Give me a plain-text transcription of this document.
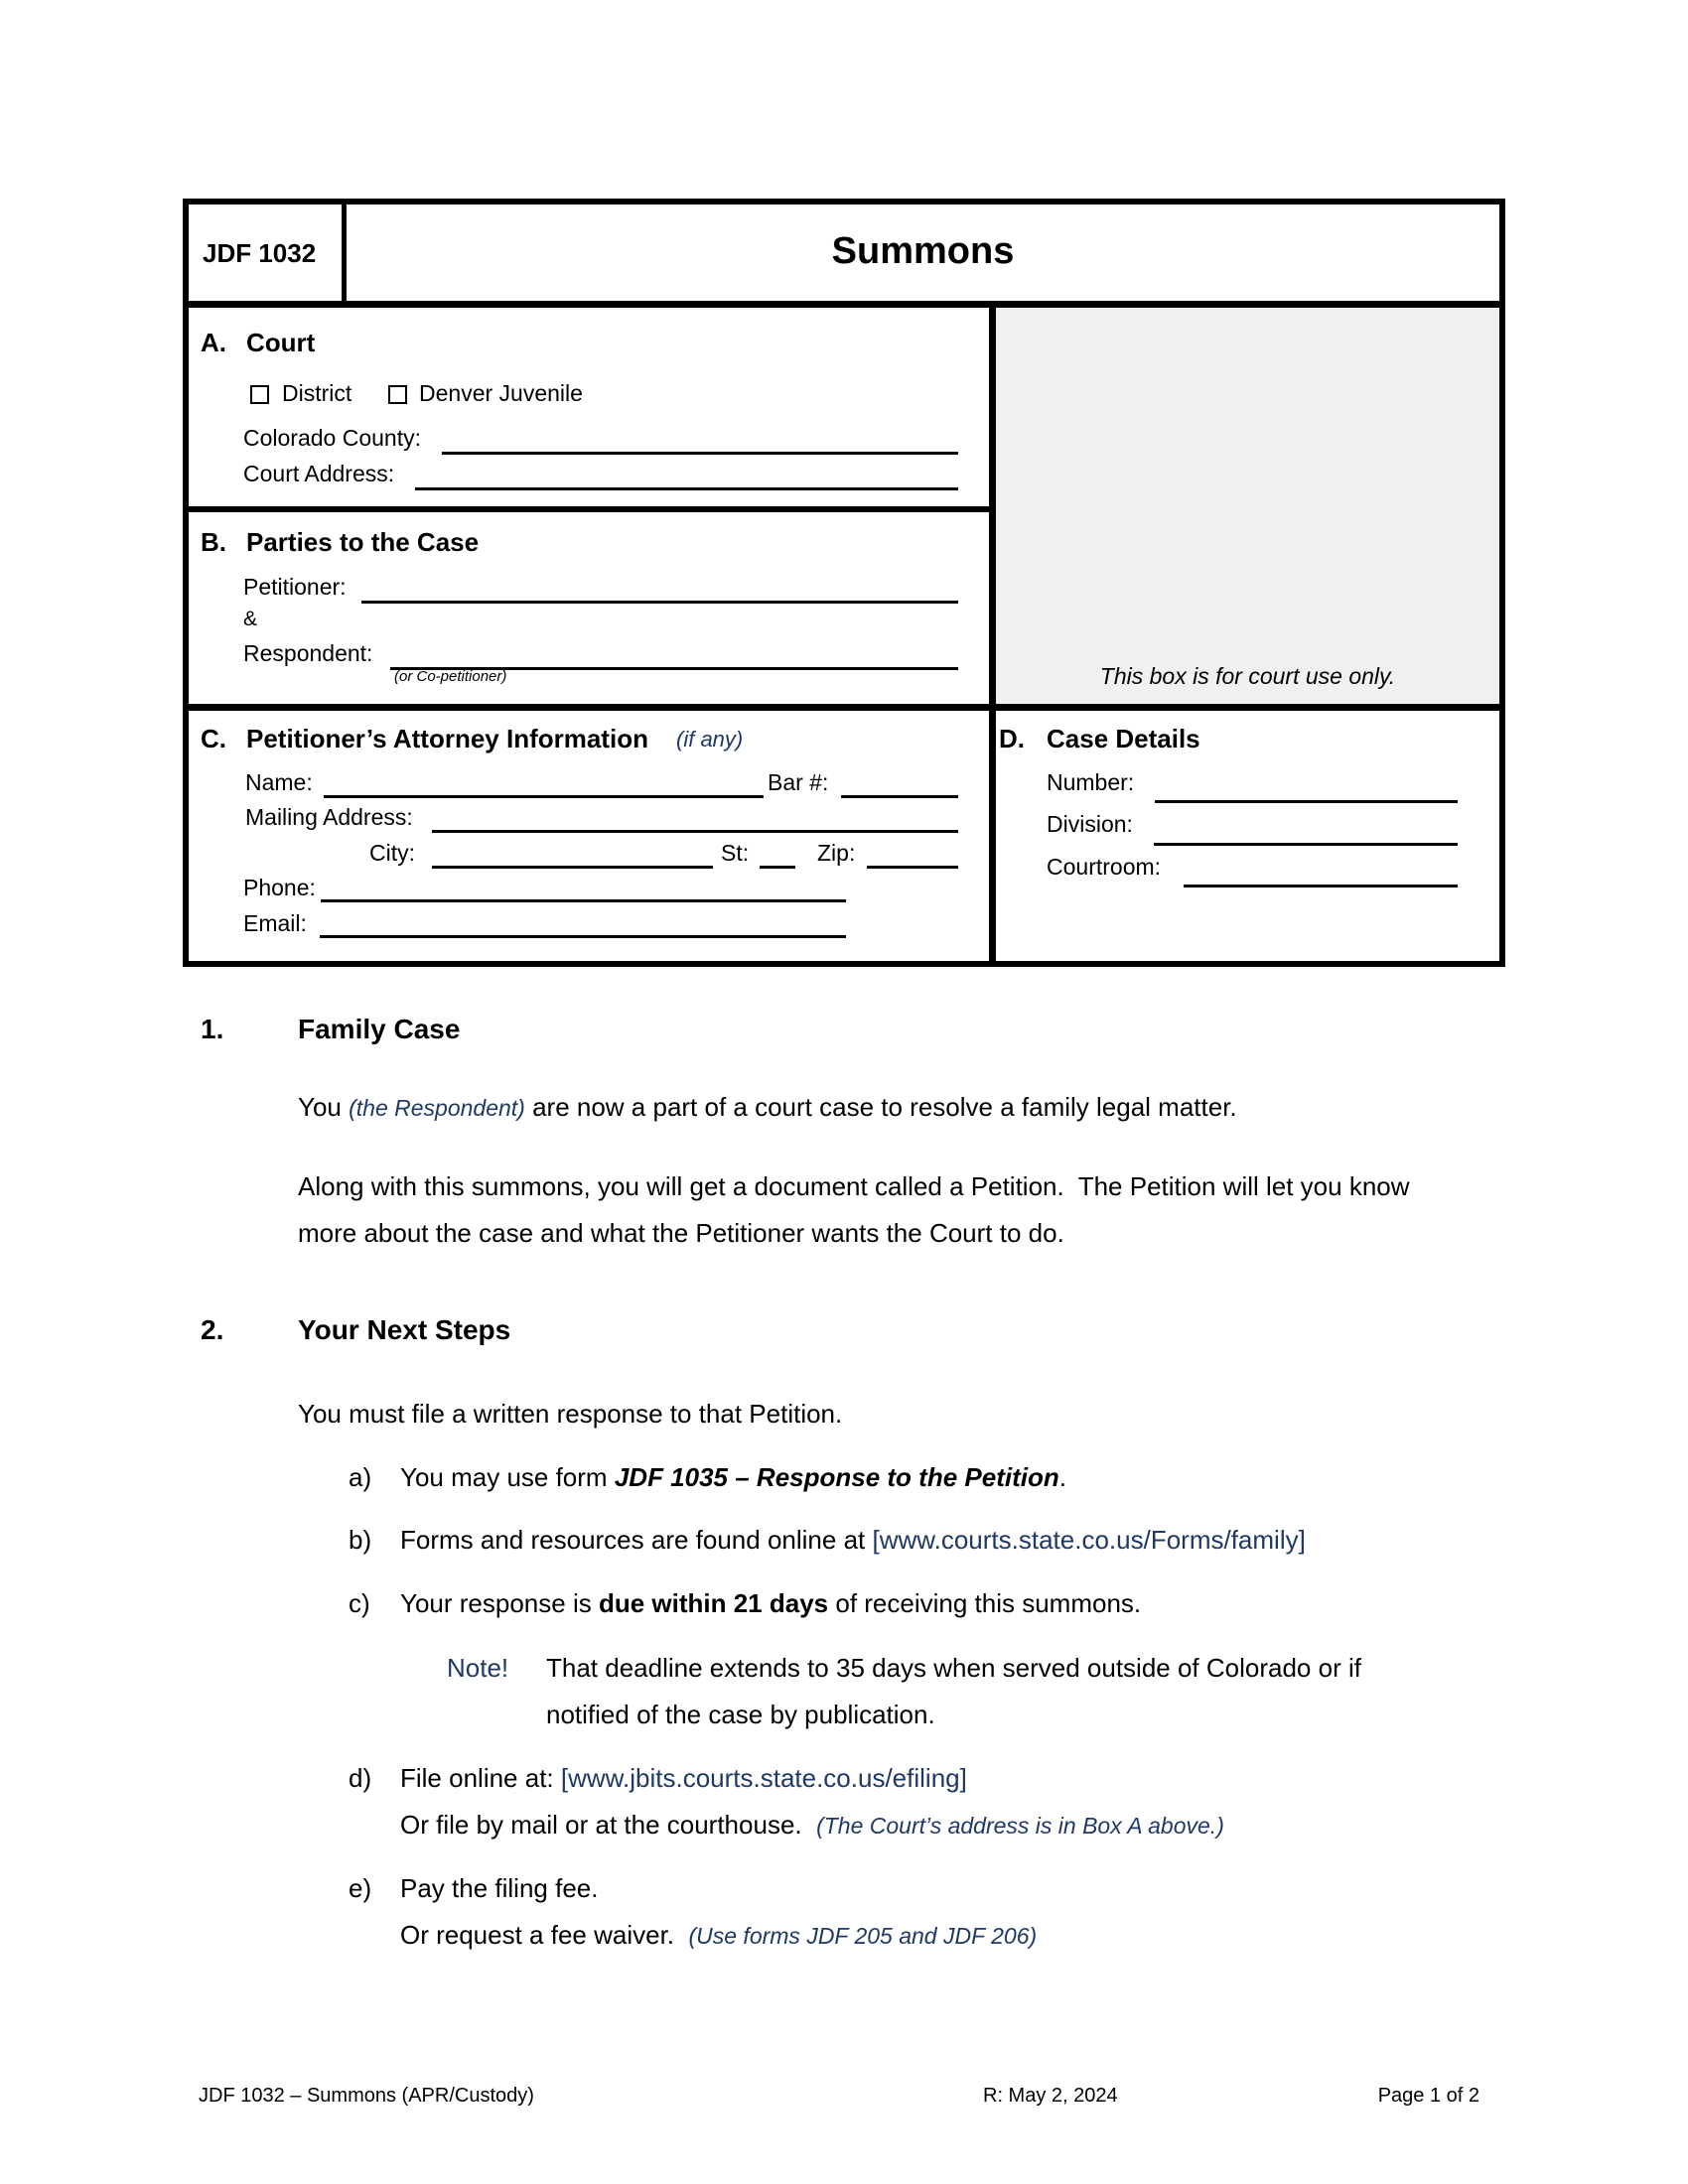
JDF 1032	Summons
A. Court
District	Denver Juvenile
Colorado County:
Court Address:
B. Parties to the Case
Petitioner:
&
Respondent:
(or Co-petitioner)	This box is for court use only.
C. Petitioner’s Attorney Information (if any)
Name:	Bar #:
Mailing Address:
City:	St:	Zip:
Phone:
Email:
D. Case Details
Number:
Division:
Courtroom:
1.	Family Case
You (the Respondent) are now a part of a court case to resolve a family legal matter.
Along with this summons, you will get a document called a Petition.  The Petition will let you know
more about the case and what the Petitioner wants the Court to do.
2.	Your Next Steps
You must file a written response to that Petition.
a) You may use form JDF 1035 – Response to the Petition.
b) Forms and resources are found online at [www.courts.state.co.us/Forms/family]
c) Your response is due within 21 days of receiving this summons.
Note! That deadline extends to 35 days when served outside of Colorado or if
notified of the case by publication.
d) File online at: [www.jbits.courts.state.co.us/efiling]
Or file by mail or at the courthouse. (The Court’s address is in Box A above.)
e) Pay the filing fee.
Or request a fee waiver. (Use forms JDF 205 and JDF 206)
JDF 1032 – Summons (APR/Custody)	R: May 2, 2024	Page 1 of 2
